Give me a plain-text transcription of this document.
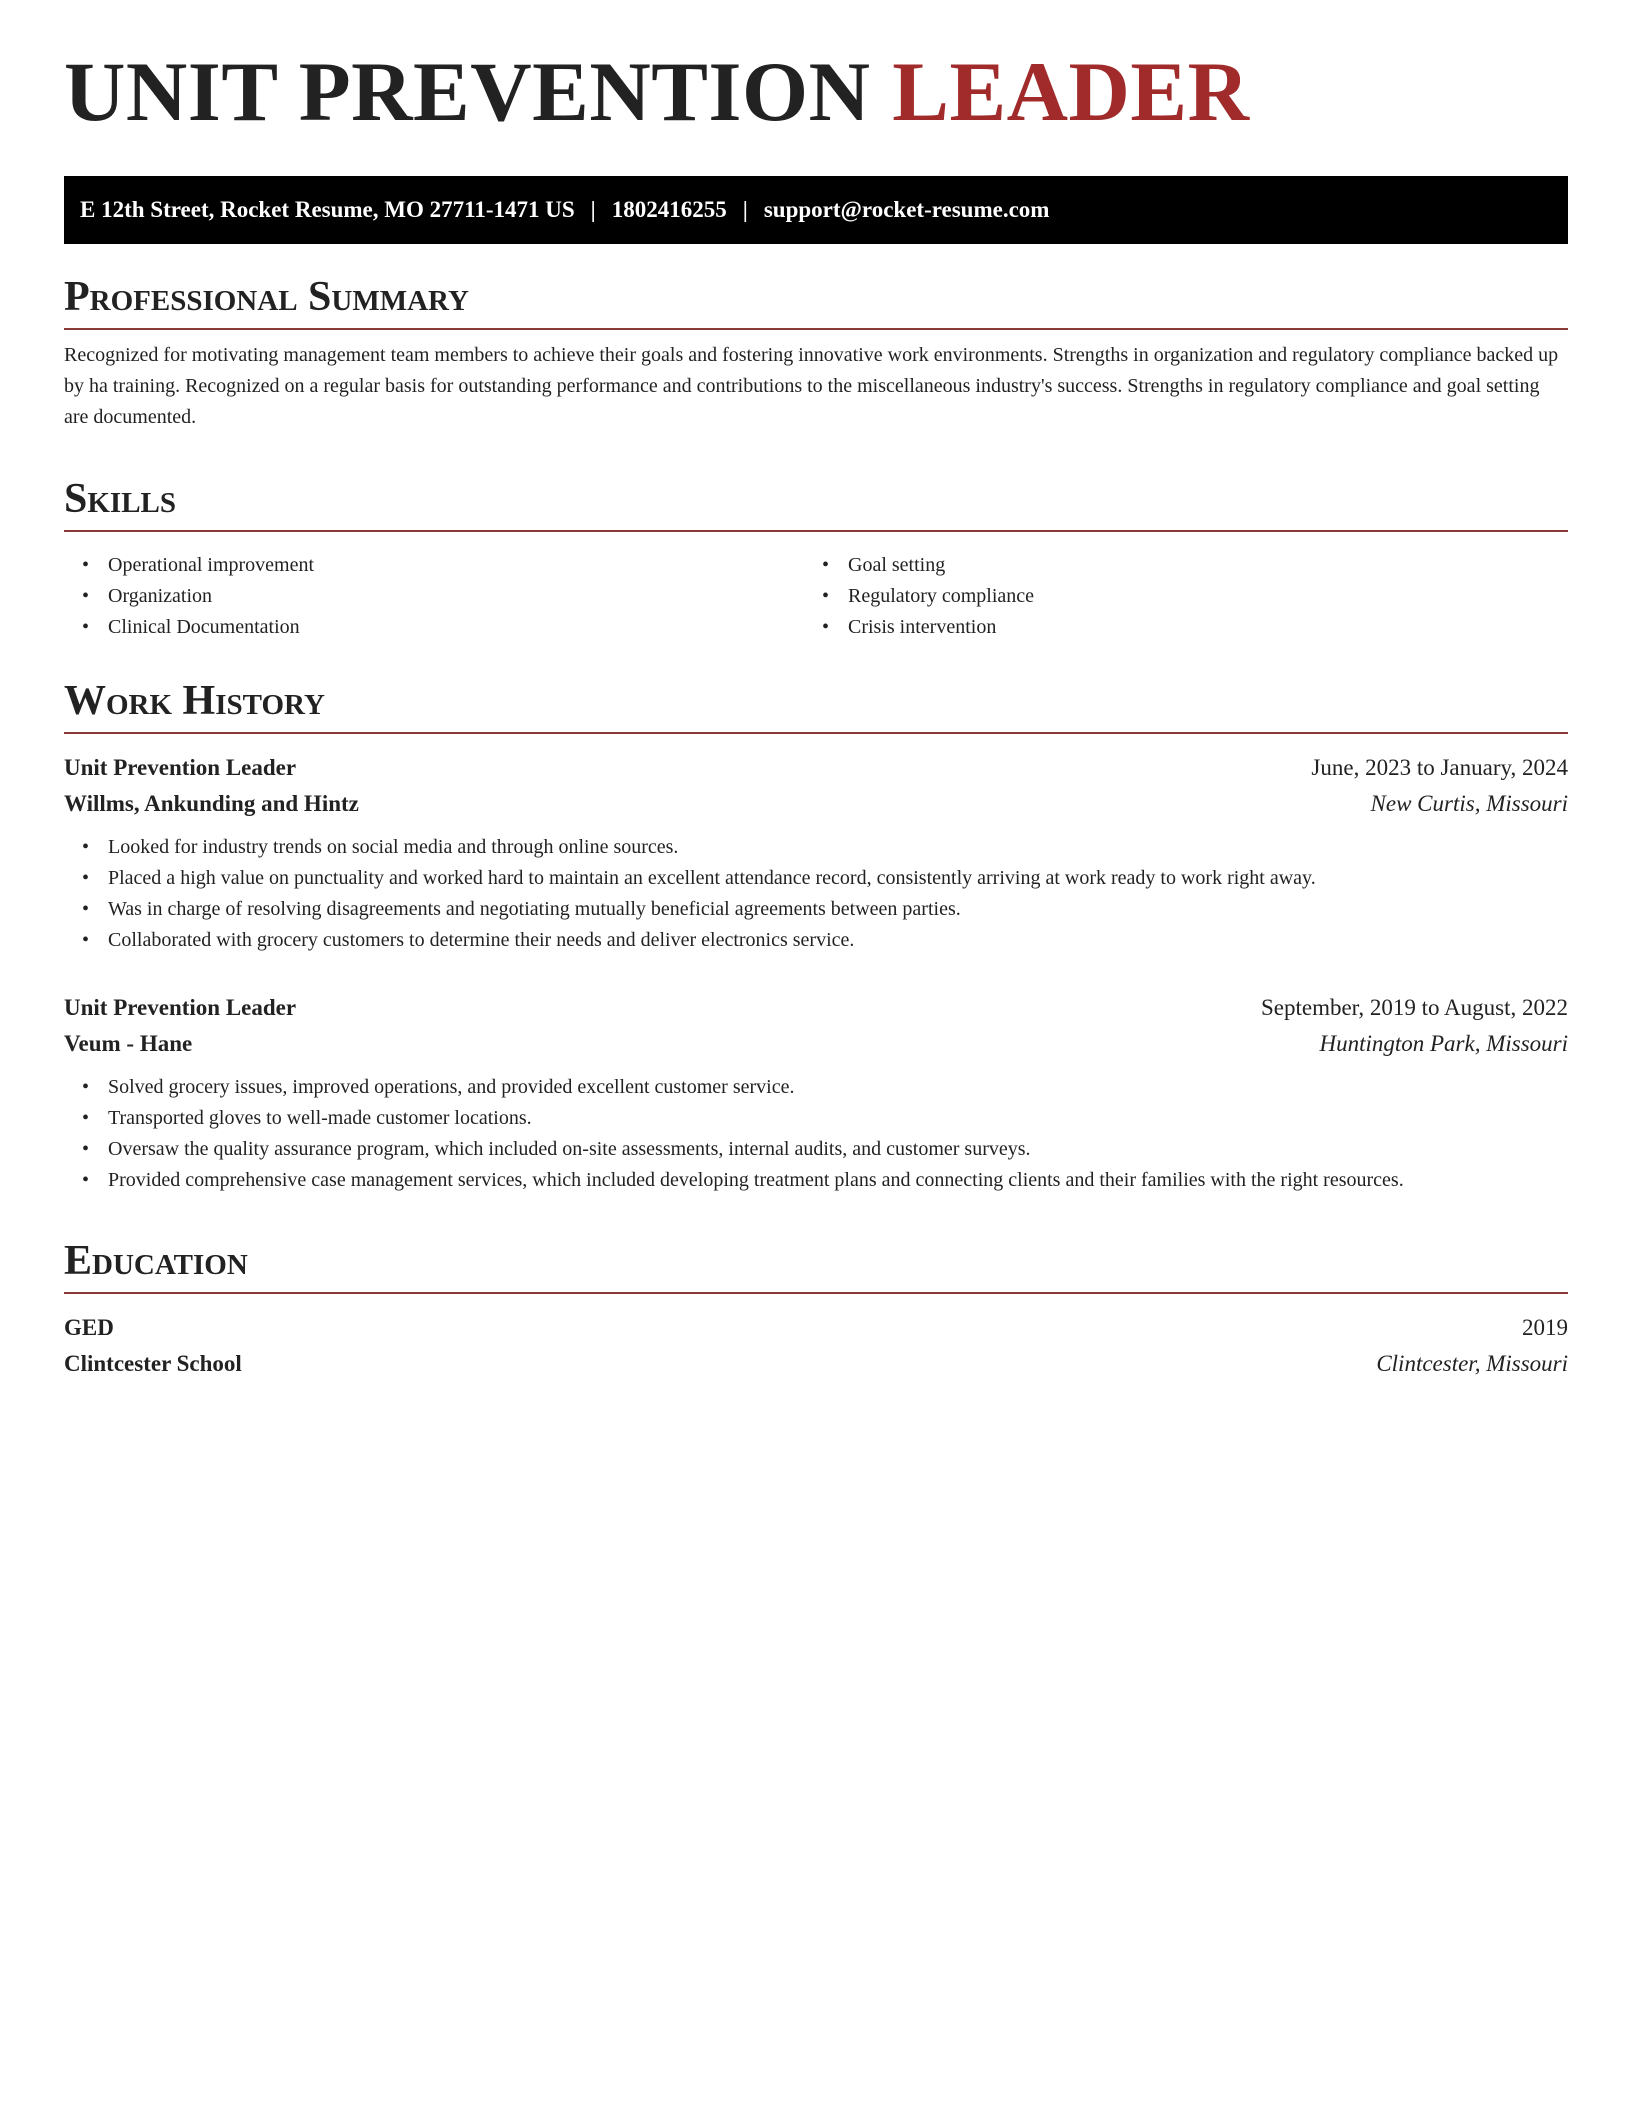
UNIT PREVENTION LEADER
E 12th Street, Rocket Resume, MO 27711-1471 US | 1802416255 | support@rocket-resume.com
Professional Summary

Recognized for motivating management team members to achieve their goals and fostering innovative work environments. Strengths in organization and regulatory compliance backed up by ha training. Recognized on a regular basis for outstanding performance and contributions to the miscellaneous industry's success. Strengths in regulatory compliance and goal setting are documented.

Skills
• Operational improvement
• Organization
• Clinical Documentation
• Goal setting
• Regulatory compliance
• Crisis intervention
Work History
Unit Prevention Leader	June, 2023 to January, 2024
Willms, Ankunding and Hintz	New Curtis, Missouri
• Looked for industry trends on social media and through online sources.
• Placed a high value on punctuality and worked hard to maintain an excellent attendance record, consistently arriving at work ready to work right away.
• Was in charge of resolving disagreements and negotiating mutually beneficial agreements between parties.
• Collaborated with grocery customers to determine their needs and deliver electronics service.
Unit Prevention Leader	September, 2019 to August, 2022
Veum - Hane	Huntington Park, Missouri
• Solved grocery issues, improved operations, and provided excellent customer service.
• Transported gloves to well-made customer locations.
• Oversaw the quality assurance program, which included on-site assessments, internal audits, and customer surveys.
• Provided comprehensive case management services, which included developing treatment plans and connecting clients and their families with the right resources.
Education
GED	2019
Clintcester School	Clintcester, Missouri
